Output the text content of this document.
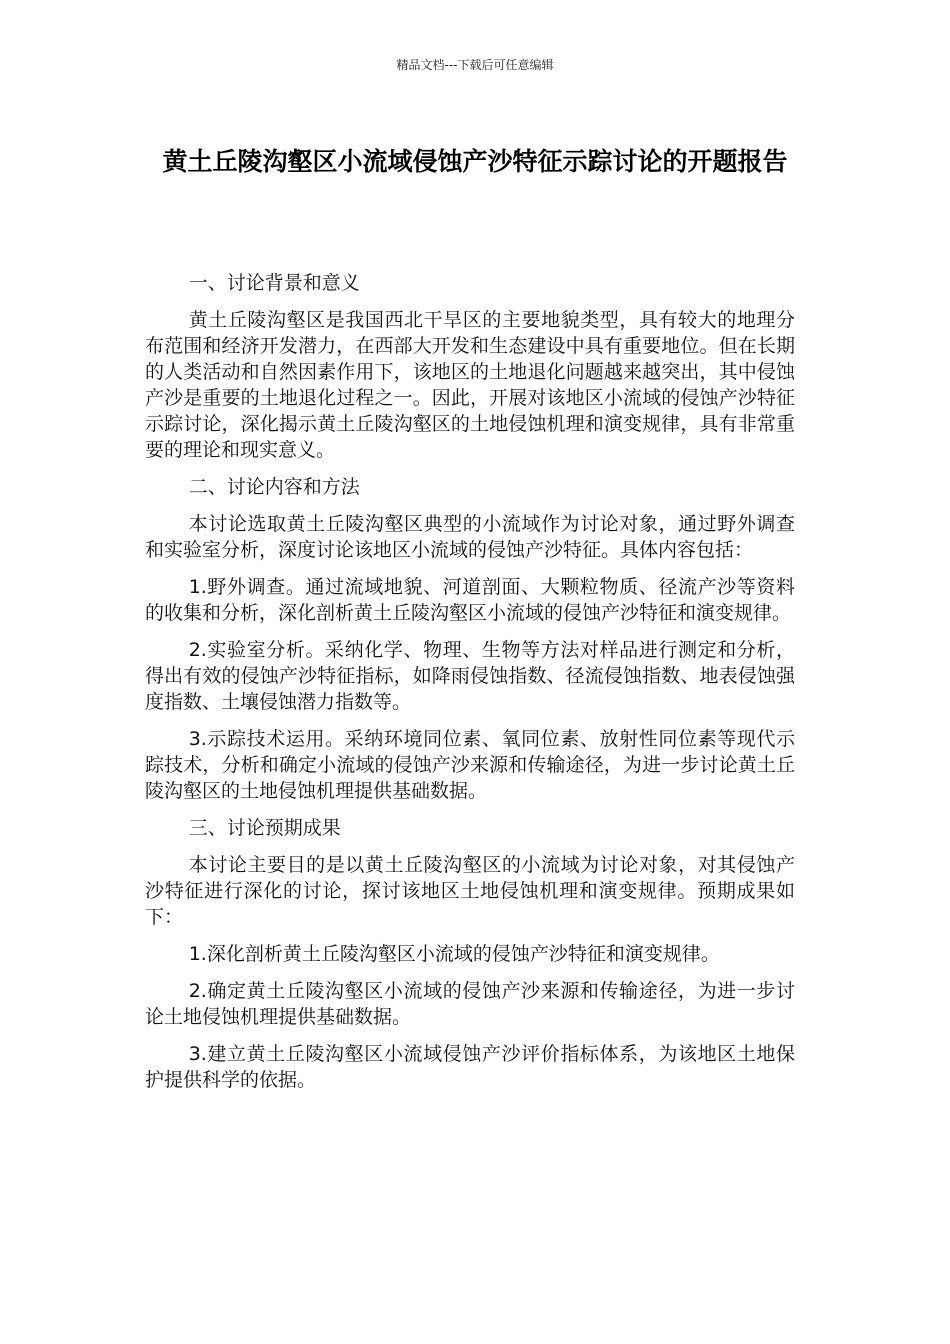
精品文档---下载后可任意编辑
黄土丘陵沟壑区小流域侵蚀产沙特征示踪讨论的开题报告

一、讨论背景和意义

黄土丘陵沟壑区是我国西北干旱区的主要地貌类型，具有较大的地理分布范围和经济开发潜力，在西部大开发和生态建设中具有重要地位。但在长期的人类活动和自然因素作用下，该地区的土地退化问题越来越突出，其中侵蚀产沙是重要的土地退化过程之一。因此，开展对该地区小流域的侵蚀产沙特征示踪讨论，深化揭示黄土丘陵沟壑区的土地侵蚀机理和演变规律，具有非常重要的理论和现实意义。

二、讨论内容和方法

本讨论选取黄土丘陵沟壑区典型的小流域作为讨论对象，通过野外调查和实验室分析，深度讨论该地区小流域的侵蚀产沙特征。具体内容包括：

1.野外调查。通过流域地貌、河道剖面、大颗粒物质、径流产沙等资料的收集和分析，深化剖析黄土丘陵沟壑区小流域的侵蚀产沙特征和演变规律。

2.实验室分析。采纳化学、物理、生物等方法对样品进行测定和分析，得出有效的侵蚀产沙特征指标，如降雨侵蚀指数、径流侵蚀指数、地表侵蚀强度指数、土壤侵蚀潜力指数等。

3.示踪技术运用。采纳环境同位素、氧同位素、放射性同位素等现代示踪技术，分析和确定小流域的侵蚀产沙来源和传输途径，为进一步讨论黄土丘陵沟壑区的土地侵蚀机理提供基础数据。

三、讨论预期成果

本讨论主要目的是以黄土丘陵沟壑区的小流域为讨论对象，对其侵蚀产沙特征进行深化的讨论，探讨该地区土地侵蚀机理和演变规律。预期成果如下：

1.深化剖析黄土丘陵沟壑区小流域的侵蚀产沙特征和演变规律。

2.确定黄土丘陵沟壑区小流域的侵蚀产沙来源和传输途径，为进一步讨论土地侵蚀机理提供基础数据。

3.建立黄土丘陵沟壑区小流域侵蚀产沙评价指标体系，为该地区土地保护提供科学的依据。
